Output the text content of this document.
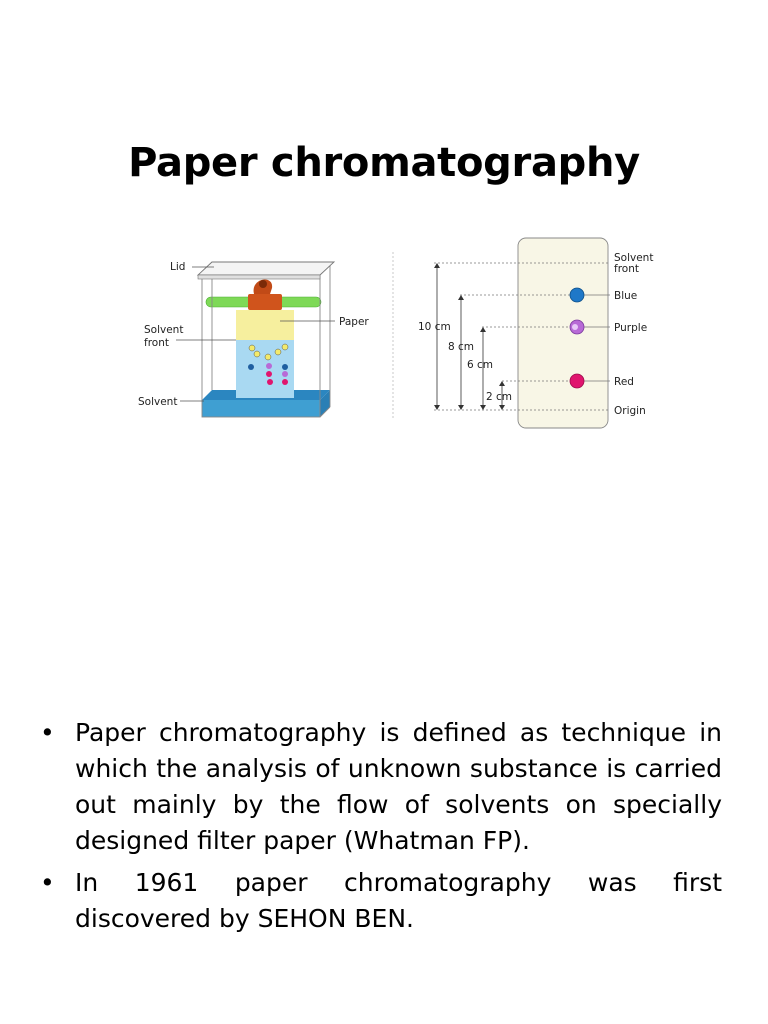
Paper chromatography
Lid
Paper
Solvent
front
Solvent
10 cm
8 cm
6 cm
2 cm
Solvent
front
Blue
Purple
Red
Origin
• Paper chromatography is defined as technique in which the analysis of unknown substance is carried out mainly by the flow of solvents on specially designed filter paper (Whatman FP).
• In 1961 paper chromatography was first discovered by SEHON BEN.
